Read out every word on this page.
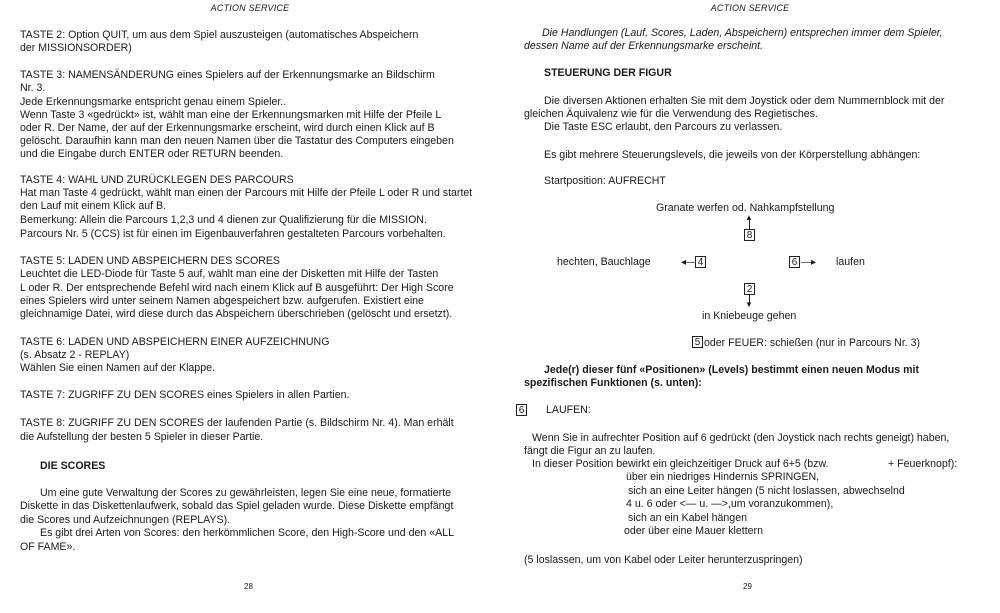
ACTION SERVICE
TASTE 2: Option QUIT, um aus dem Spiel auszusteigen (automatisches Abspeichern
der MISSIONSORDER)
TASTE 3: NAMENSÄNDERUNG eines Spielers auf der Erkennungsmarke an Bildschirm
Nr. 3.
Jede Erkennungsmarke entspricht genau einem Spieler..
Wenn Taste 3 «gedrückt» ist, wählt man eine der Erkennungsmarken mit Hilfe der Pfeile L
oder R. Der Name, der auf der Erkennungsmarke erscheint, wird durch einen Klick auf B
gelöscht. Daraufhin kann man den neuen Namen über die Tastatur des Computers eingeben
und die Eingabe durch ENTER oder RETURN beenden.
TASTE 4: WAHL UND ZURÜCKLEGEN DES PARCOURS
Hat man Taste 4 gedrückt, wählt man einen der Parcours mit Hilfe der Pfeile L oder R und startet
den Lauf mit einem Klick auf B.
Bemerkung: Allein die Parcours 1,2,3 und 4 dienen zur Qualifizierung für die MISSION.
Parcours Nr. 5 (CCS) ist für einen im Eigenbauverfahren gestalteten Parcours vorbehalten.
TASTE 5: LADEN UND ABSPEICHERN DES SCORES
Leuchtet die LED-Diode für Taste 5 auf, wählt man eine der Disketten mit Hilfe der Tasten
L oder R. Der entsprechende Befehl wird nach einem Klick auf B ausgeführt: Der High Score
eines Spielers wird unter seinem Namen abgespeichert bzw. aufgerufen. Existiert eine
gleichnamige Datei, wird diese durch das Abspeichern überschrieben (gelöscht und ersetzt).
TASTE 6: LADEN UND ABSPEICHERN EINER AUFZEICHNUNG
(s. Absatz 2 - REPLAY)
Wählen Sie einen Namen auf der Klappe.
TASTE 7: ZUGRIFF ZU DEN SCORES eines Spielers in allen Partien.
TASTE 8: ZUGRIFF ZU DEN SCORES der laufenden Partie (s. Bildschirm Nr. 4). Man erhält
die Aufstellung der besten 5 Spieler in dieser Partie.
DIE SCORES
Um eine gute Verwaltung der Scores zu gewährleisten, legen Sie eine neue, formatierte
Diskette in das Diskettenlaufwerk, sobald das Spiel geladen wurde. Diese Diskette empfängt
die Scores und Aufzeichnungen (REPLAYS).
Es gibt drei Arten von Scores: den herkömmlichen Score, den High-Score und den «ALL
OF FAME».
28
ACTION SERVICE
Die Handlungen (Lauf, Scores, Laden, Abspeichern) entsprechen immer dem Spieler,
dessen Name auf der Erkennungsmarke erscheint.
STEUERUNG DER FIGUR
Die diversen Aktionen erhalten Sie mit dem Joystick oder dem Nummernblock mit der
gleichen Äquivalenz wie für die Verwendung des Regietisches.
Die Taste ESC erlaubt, den Parcours zu verlassen.
Es gibt mehrere Steuerungslevels, die jeweils von der Körperstellung abhängen:
Startposition: AUFRECHT
Granate werfen od. Nahkampfstellung
8
▲
hechten, Bauchlage	◂— 4	6 —▸ laufen
2
▼
in Kniebeuge gehen
5 oder FEUER: schießen (nur in Parcours Nr. 3)
Jede(r) dieser fünf «Positionen» (Levels) bestimmt einen neuen Modus mit
spezifischen Funktionen (s. unten):
6 LAUFEN:
Wenn Sie in aufrechter Position auf 6 gedrückt (den Joystick nach rechts geneigt) haben,
fängt die Figur an zu laufen.
In dieser Position bewirkt ein gleichzeitiger Druck auf 6+5 (bzw.	+ Feuerknopf):
über ein niedriges Hindernis SPRINGEN,
sich an eine Leiter hängen (5 nicht loslassen, abwechselnd
4 u. 6 oder <— u. —>,um voranzukommen),
sich an ein Kabel hängen
oder über eine Mauer klettern
(5 loslassen, um von Kabel oder Leiter herunterzuspringen)
29
